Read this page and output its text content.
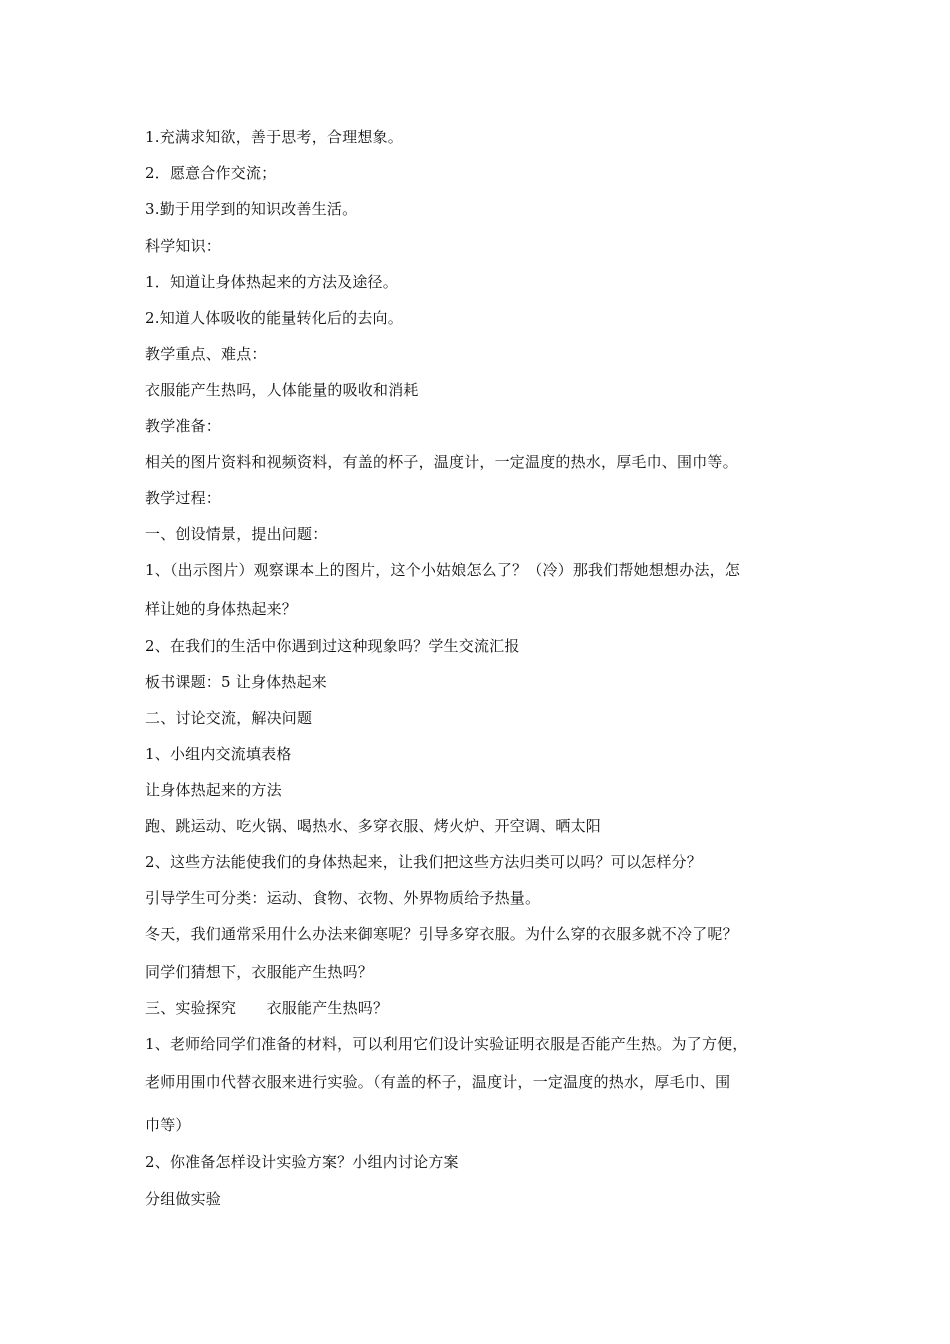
1.充满求知欲，善于思考，合理想象。
2．愿意合作交流；
3.勤于用学到的知识改善生活。
科学知识：
1．知道让身体热起来的方法及途径。
2.知道人体吸收的能量转化后的去向。
教学重点、难点：
衣服能产生热吗，人体能量的吸收和消耗
教学准备：
相关的图片资料和视频资料，有盖的杯子，温度计，一定温度的热水，厚毛巾、围巾等。
教学过程：
一、创设情景，提出问题：
1、（出示图片）观察课本上的图片，这个小姑娘怎么了？（冷）那我们帮她想想办法，怎
样让她的身体热起来？
2、在我们的生活中你遇到过这种现象吗？学生交流汇报
板书课题：5 让身体热起来
二、讨论交流，解决问题
1、小组内交流填表格
让身体热起来的方法
跑、跳运动、吃火锅、喝热水、多穿衣服、烤火炉、开空调、晒太阳
2、这些方法能使我们的身体热起来，让我们把这些方法归类可以吗？可以怎样分？
引导学生可分类：运动、食物、衣物、外界物质给予热量。
冬天，我们通常采用什么办法来御寒呢？引导多穿衣服。为什么穿的衣服多就不冷了呢？
同学们猜想下，衣服能产生热吗？
三、实验探究　　衣服能产生热吗？
1、老师给同学们准备的材料，可以利用它们设计实验证明衣服是否能产生热。为了方便，
老师用围巾代替衣服来进行实验。（有盖的杯子，温度计，一定温度的热水，厚毛巾、围
巾等）
2、你准备怎样设计实验方案？小组内讨论方案
分组做实验
